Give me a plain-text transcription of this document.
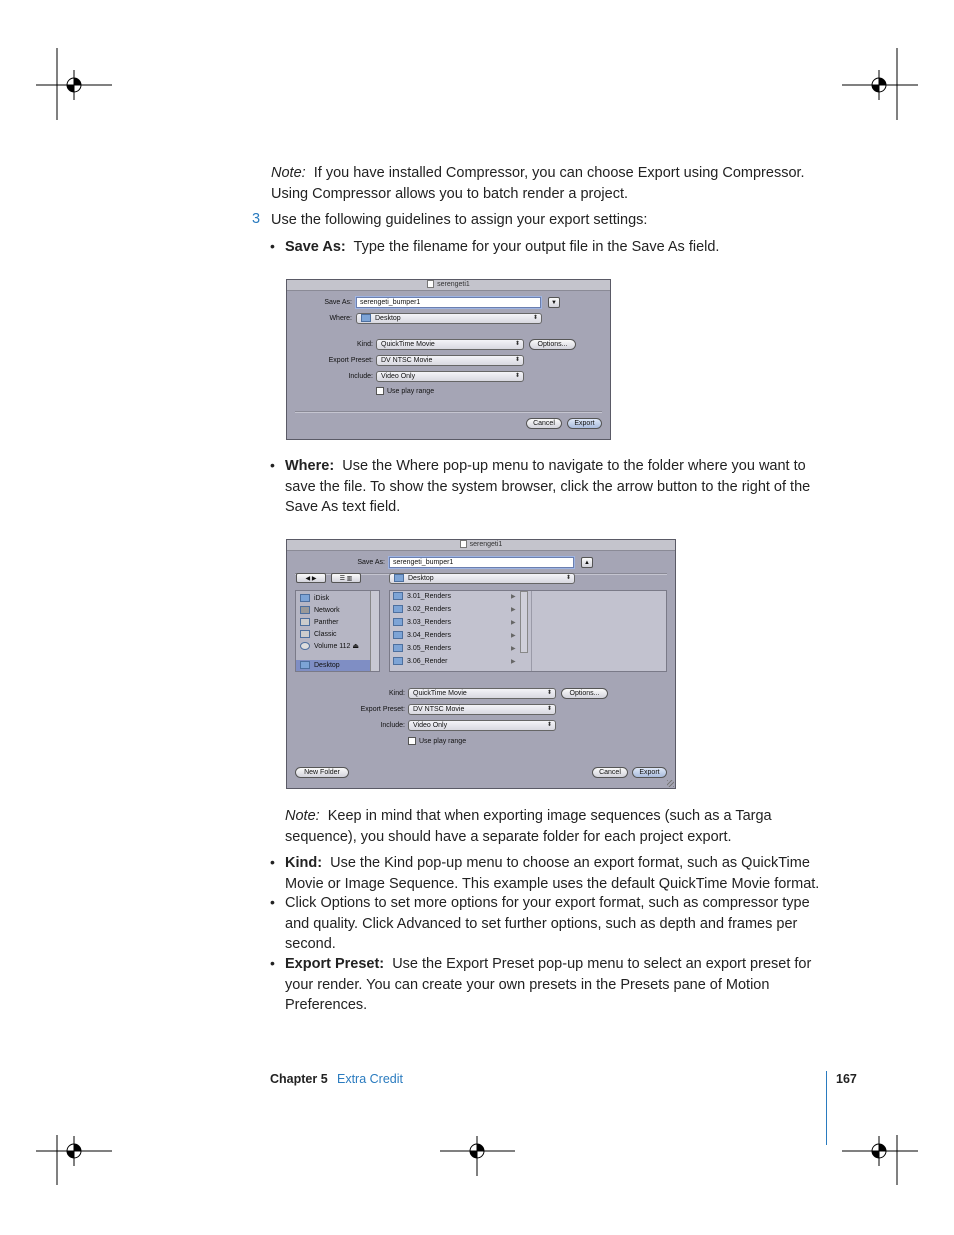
Note: If you have installed Compressor, you can choose Export using Compressor.
Using Compressor allows you to batch render a project.
3 Use the following guidelines to assign your export settings:
• Save As: Type the filename for your output file in the Save As field.
serengeti1
Save As:	serengeti_bumper1	▼
Where:	Desktop	⬍
Kind:	QuickTime Movie	⬍	Options...
Export Preset:	DV NTSC Movie	⬍
Include:	Video Only	⬍
Use play range
Cancel	Export
• Where: Use the Where pop-up menu to navigate to the folder where you want to
save the file. To show the system browser, click the arrow button to the right of the
Save As text field.
serengeti1
Save As:	serengeti_bumper1	▲
◀ ▶	☰ ▥	Desktop	⬍
iDisk
Network
Panther
Classic
Volume 112 ⏏
Desktop
3.01_Renders
3.02_Renders
3.03_Renders
3.04_Renders
3.05_Renders
3.06_Render
▶
▶
▶
▶
▶
▶
Kind:	QuickTime Movie	⬍	Options...
Export Preset:	DV NTSC Movie	⬍
Include:	Video Only	⬍
Use play range
New Folder	Cancel	Export
Note: Keep in mind that when exporting image sequences (such as a Targa
sequence), you should have a separate folder for each project export.
• Kind: Use the Kind pop-up menu to choose an export format, such as QuickTime
Movie or Image Sequence. This example uses the default QuickTime Movie format.
• Click Options to set more options for your export format, such as compressor type
and quality. Click Advanced to set further options, such as depth and frames per
second.
• Export Preset: Use the Export Preset pop-up menu to select an export preset for
your render. You can create your own presets in the Presets pane of Motion
Preferences.
Chapter 5 Extra Credit	167
